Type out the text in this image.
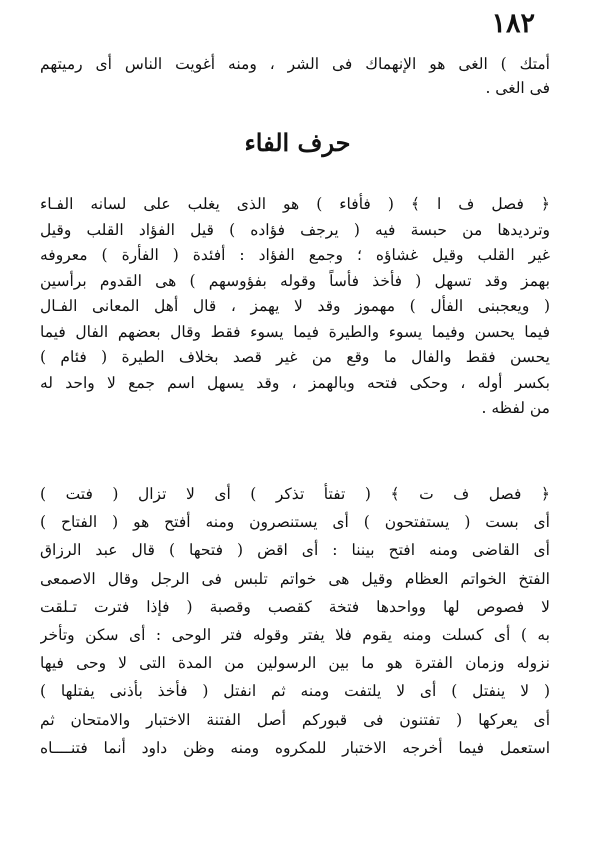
١٨٢
أمتك ) الغى هو الإنهماك فى الشر ، ومنه أغويت الناس أى رميتهم
فى الغى .
حرف الفاء
﴿ فصل ف ا ﴾ ( فأفاء ) هو الذى يغلب على لسانه الفـاء
وترديدها من حبسة فيه ( يرجف فؤاده ) قيل الفؤاد القلب وقيل
غير القلب وقيل غشاؤه ؛ وجمع الفؤاد : أفئدة ( الفأرة ) معروفه
بهمز وقد تسهل ( فأخذ فأساً وقوله بفؤوسهم ) هى القدوم برأسين
( ويعجبنى الفأل ) مهموز وقد لا يهمز ، قال أهل المعانى الفـال
فيما يحسن وفيما يسوء والطيرة فيما يسوء فقط وقال بعضهم الفال فيما
يحسن فقط والفال ما وقع من غير قصد بخلاف الطيرة ( فئام )
بكسر أوله ، وحكى فتحه وبالهمز ، وقد يسهل اسم جمع لا واحد له
من لفظه .
﴿ فصل ف ت ﴾ ( تفتأ تذكر ) أى لا تزال ( فتت )
أى بست ( يستفتحون ) أى يستنصرون ومنه أفتح هو ( الفتاح )
أى القاضى ومنه افتح بيننا : أى اقض ( فتحها ) قال عبد الرزاق
الفتخ الخواتم العظام وقيل هى خواتم تلبس فى الرجل وقال الاصمعى
لا فصوص لها وواحدها فتخة كقصب وقصبة ( فإذا فترت تـلقت
به ) أى كسلت ومنه يقوم فلا يفتر وقوله فتر الوحى : أى سكن وتأخر
نزوله وزمان الفترة هو ما بين الرسولين من المدة التى لا وحى فيها
( لا ينفتل ) أى لا يلتفت ومنه ثم انفتل ( فأخذ بأذنى يفتلها )
أى يعركها ( تفتنون فى قبوركم أصل الفتنة الاختبار والامتحان ثم
استعمل فيما أخرجه الاختبار للمكروه ومنه وظن داود أنما فتنــــاه
